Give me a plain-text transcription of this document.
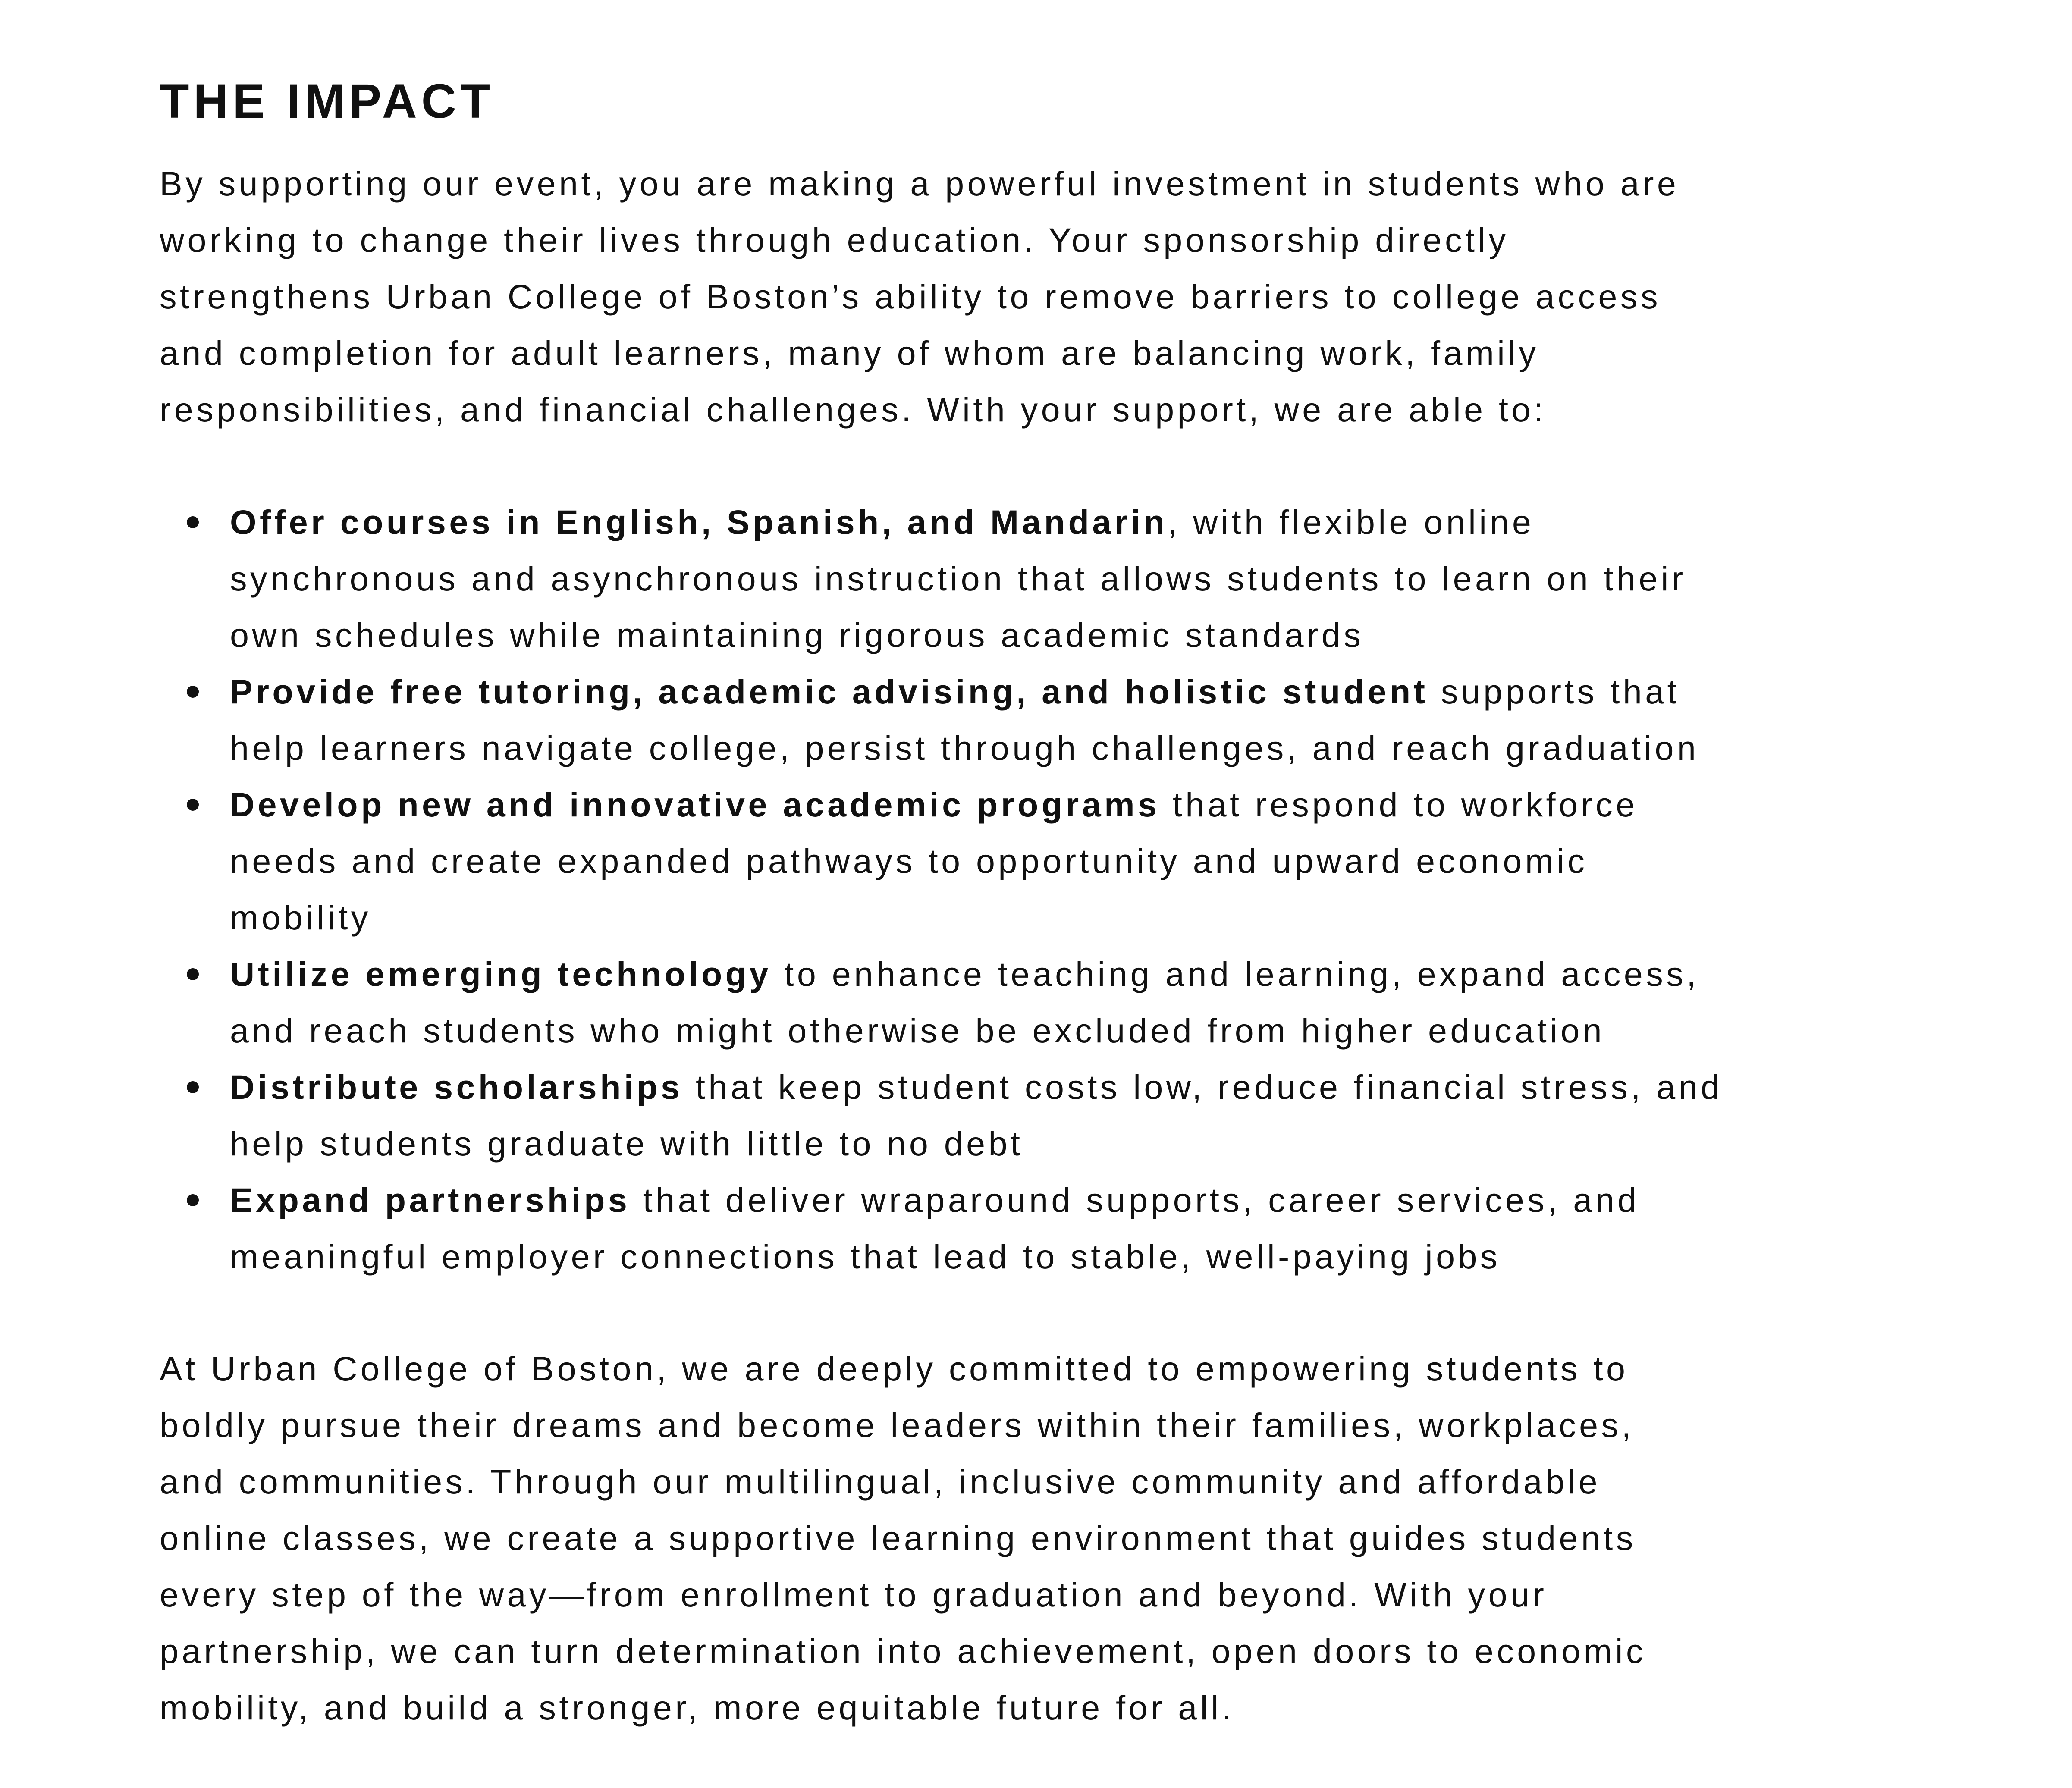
THE IMPACT

By supporting our event, you are making a powerful investment in students who are
working to change their lives through education. Your sponsorship directly
strengthens Urban College of Boston’s ability to remove barriers to college access
and completion for adult learners, many of whom are balancing work, family
responsibilities, and financial challenges. With your support, we are able to:

Offer courses in English, Spanish, and Mandarin, with flexible online
synchronous and asynchronous instruction that allows students to learn on their
own schedules while maintaining rigorous academic standards
Provide free tutoring, academic advising, and holistic student supports that
help learners navigate college, persist through challenges, and reach graduation
Develop new and innovative academic programs that respond to workforce
needs and create expanded pathways to opportunity and upward economic
mobility
Utilize emerging technology to enhance teaching and learning, expand access,
and reach students who might otherwise be excluded from higher education
Distribute scholarships that keep student costs low, reduce financial stress, and
help students graduate with little to no debt
Expand partnerships that deliver wraparound supports, career services, and
meaningful employer connections that lead to stable, well-paying jobs

At Urban College of Boston, we are deeply committed to empowering students to
boldly pursue their dreams and become leaders within their families, workplaces,
and communities. Through our multilingual, inclusive community and affordable
online classes, we create a supportive learning environment that guides students
every step of the way—from enrollment to graduation and beyond. With your
partnership, we can turn determination into achievement, open doors to economic
mobility, and build a stronger, more equitable future for all.
